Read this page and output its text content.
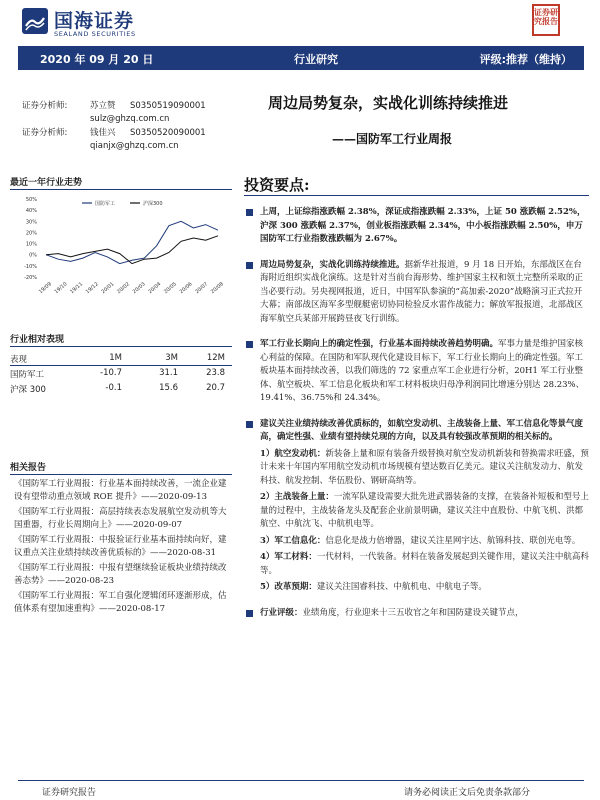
国海证券
SEALAND SECURITIES
证券研究报告
2020 年 09 月 20 日	行业研究	评级:推荐（维持）
证券分析师:	苏立赞	S0350519090001
sulz@ghzq.com.cn
证券分析师:	钱佳兴	S0350520090001
qianjx@ghzq.com.cn
周边局势复杂，实战化训练持续推进
——国防军工行业周报
最近一年行业走势
-20%
-10%
0%
10%
20%
30%
40%
50%
19/09 19/10 19/11 19/12 20/01 20/02 20/03 20/04 20/05 20/06 20/07 20/08
国防军工	沪深300
行业相对表现
表现	1M	3M	12M
国防军工	-10.7	31.1	23.8
沪深 300	-0.1	15.6	20.7
相关报告
《国防军工行业周报：行业基本面持续改善，一流企业建设有望带动重点领域 ROE 提升》——2020-09-13
《国防军工行业周报：高层持续表态发展航空发动机等大国重器，行业长周期向上》——2020-09-07
《国防军工行业周报：中报验证行业基本面持续向好，建议重点关注业绩持续改善优质标的》——2020-08-31
《国防军工行业周报：中报有望继续验证板块业绩持续改善态势》——2020-08-23
《国防军工行业周报：军工自强化逻辑闭环逐渐形成，估值体系有望加速重构》——2020-08-17
投资要点:
上周，上证综指涨跌幅 2.38%，深证成指涨跌幅 2.33%，上证 50 涨跌幅 2.52%，沪深 300 涨跌幅 2.37%，创业板指涨跌幅 2.34%，中小板指涨跌幅 2.50%，申万国防军工行业指数涨跌幅为 2.67%。
周边局势复杂，实战化训练持续推进。据新华社报道，9 月 18 日开始，东部战区在台海附近组织实战化演练。这是针对当前台海形势、维护国家主权和领土完整所采取的正当必要行动。另央视网报道，近日，中国军队参演的“高加索-2020”战略演习正式拉开大幕；南部战区海军多型舰艇密切协同检验反水雷作战能力；解放军报报道，北部战区海军航空兵某部开展跨昼夜飞行训练。
军工行业长期向上的确定性强，行业基本面持续改善趋势明确。军事力量是维护国家核心利益的保障。在国防和军队现代化建设目标下，军工行业长期向上的确定性强。军工板块基本面持续改善，以我们筛选的 72 家重点军工企业进行分析，20H1 军工行业整体、航空板块、军工信息化板块和军工材料板块归母净利润同比增速分别达 28.23%、19.41%、36.75%和 24.34%。
建议关注业绩持续改善优质标的，如航空发动机、主战装备上量、军工信息化等景气度高，确定性强、业绩有望持续兑现的方向，以及具有较强改革预期的相关标的。
1）航空发动机：新装备上量和原有装备升级替换对航空发动机新装和替换需求旺盛，预计未来十年国内军用航空发动机市场规模有望达数百亿美元。建议关注航发动力、航发科技、航发控制、华伍股份、钢研高纳等。
2）主战装备上量：一流军队建设需要大批先进武器装备的支撑，在装备补短板和型号上量的过程中，主战装备龙头及配套企业前景明确，建议关注中直股份、中航飞机、洪都航空、中航沈飞、中航机电等。
3）军工信息化：信息化是战力倍增器，建议关注星网宇达、航锦科技、联创光电等。
4）军工材料：一代材料，一代装备。材料在装备发展起到关键作用，建议关注中航高科等。
5）改革预期：建议关注国睿科技、中航机电、中航电子等。
行业评级：业绩角度，行业迎来十三五收官之年和国防建设关键节点，
证券研究报告	请务必阅读正文后免责条款部分
